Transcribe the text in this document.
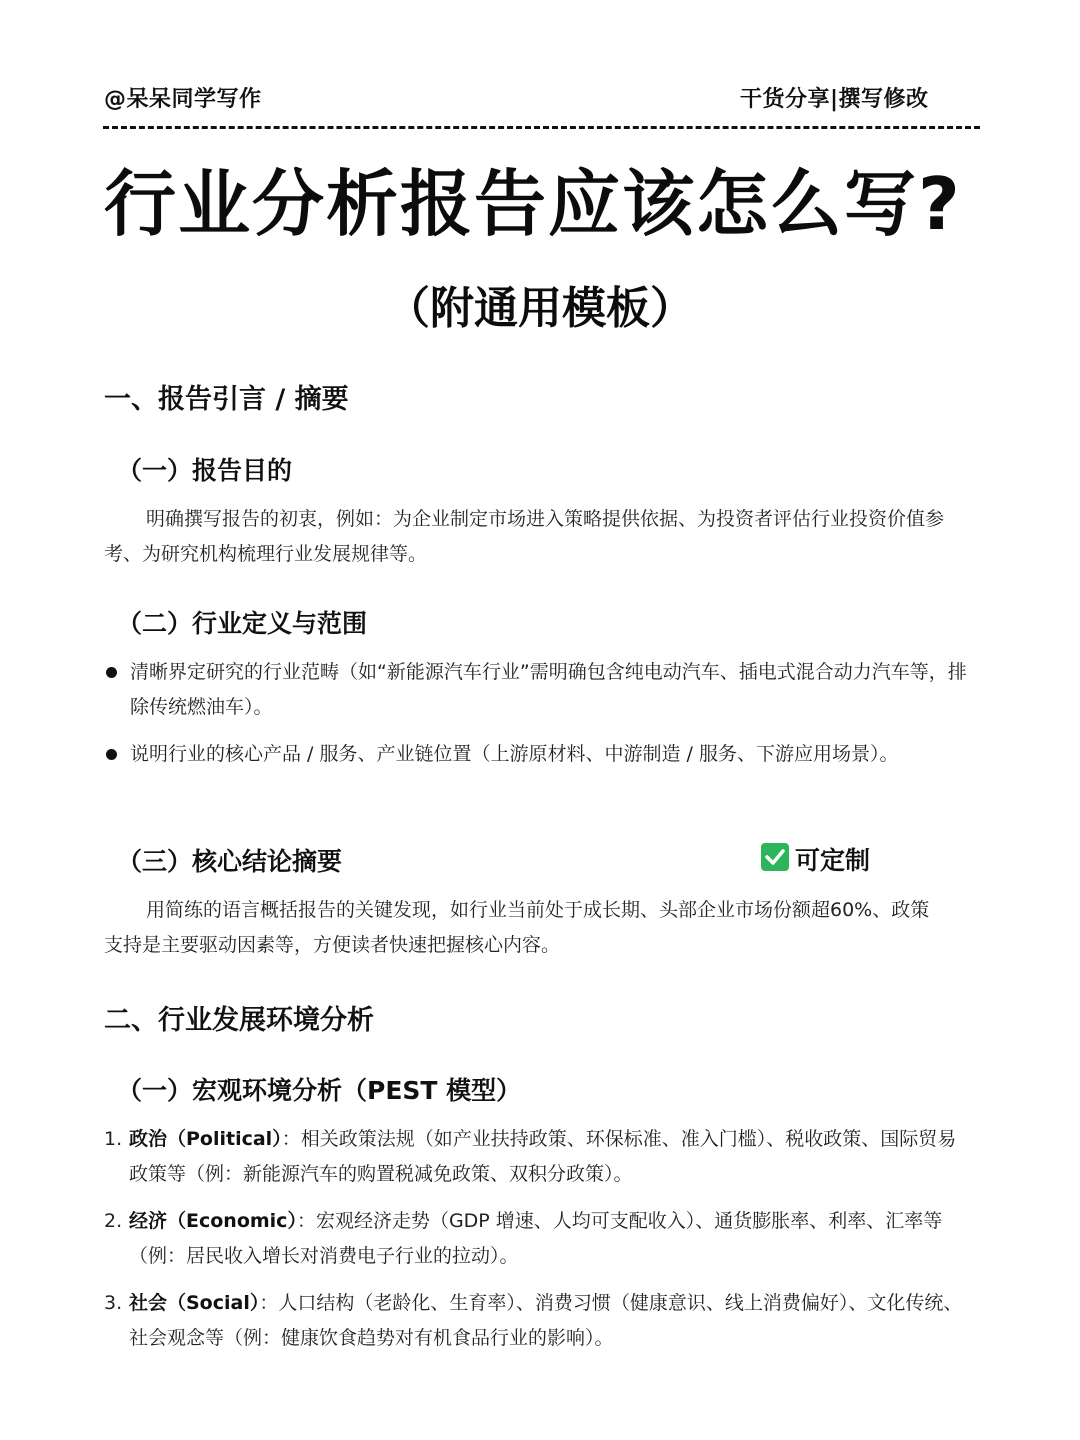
@呆呆同学写作	干货分享|撰写修改
行业分析报告应该怎么写?
（附通用模板）
一、报告引言 / 摘要
（一）报告目的
明确撰写报告的初衷，例如：为企业制定市场进入策略提供依据、为投资者评估行业投资价值参考、为研究机构梳理行业发展规律等。
（二）行业定义与范围
清晰界定研究的行业范畴（如“新能源汽车行业”需明确包含纯电动汽车、插电式混合动力汽车等，排除传统燃油车）。
说明行业的核心产品 / 服务、产业链位置（上游原材料、中游制造 / 服务、下游应用场景）。
（三）核心结论摘要	可定制
用简练的语言概括报告的关键发现，如行业当前处于成长期、头部企业市场份额超60%、政策支持是主要驱动因素等，方便读者快速把握核心内容。
二、行业发展环境分析
（一）宏观环境分析（PEST 模型）
1. 政治（Political）：相关政策法规（如产业扶持政策、环保标准、准入门槛）、税收政策、国际贸易政策等（例：新能源汽车的购置税减免政策、双积分政策）。
2. 经济（Economic）：宏观经济走势（GDP 增速、人均可支配收入）、通货膨胀率、利率、汇率等（例：居民收入增长对消费电子行业的拉动）。
3. 社会（Social）：人口结构（老龄化、生育率）、消费习惯（健康意识、线上消费偏好）、文化传统、社会观念等（例：健康饮食趋势对有机食品行业的影响）。
